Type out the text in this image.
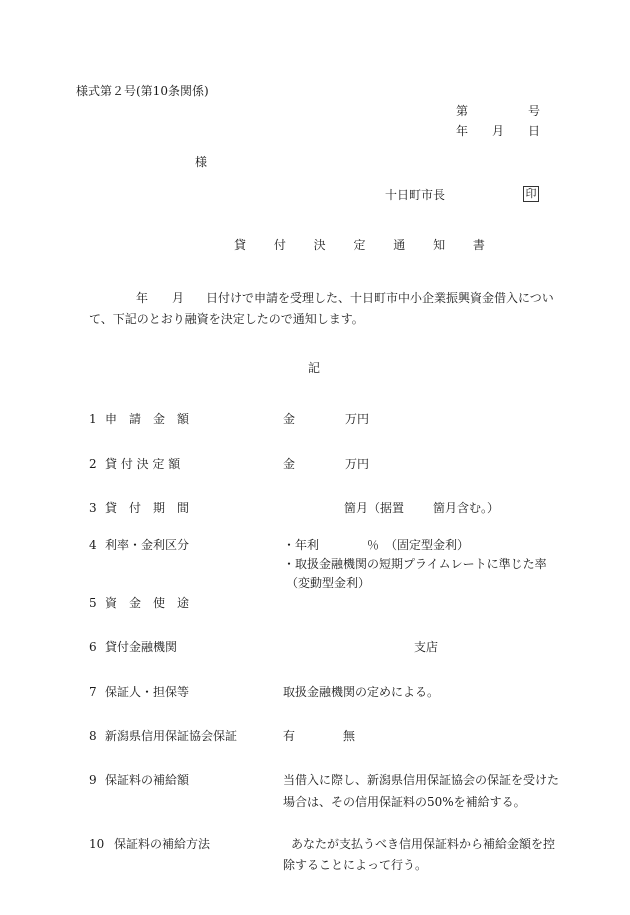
様式第２号(第10条関係)
第	号
年 月 日
様
十日町市長	印
貸 付 決 定 通 知 書
年 月 日付けで申請を受理した、十日町市中小企業振興資金借入につい
て、下記のとおり融資を決定したので通知します。
記
1 申　請　金　額	金	万円
2 貸 付 決 定 額	金	万円
3 貸　付　期　間	箇月（据置 箇月含む。）
4 利率・金利区分	・年利	％　（固定型金利）
・取扱金融機関の短期プライムレートに準じた率
（変動型金利）
5 資　金　使　途
6 貸付金融機関	支店
7 保証人・担保等	取扱金融機関の定めによる。
8 新潟県信用保証協会保証	有	無
9 保証料の補給額	当借入に際し、新潟県信用保証協会の保証を受けた
場合は、その信用保証料の50%を補給する。
10 保証料の補給方法	あなたが支払うべき信用保証料から補給金額を控
除することによって行う。
